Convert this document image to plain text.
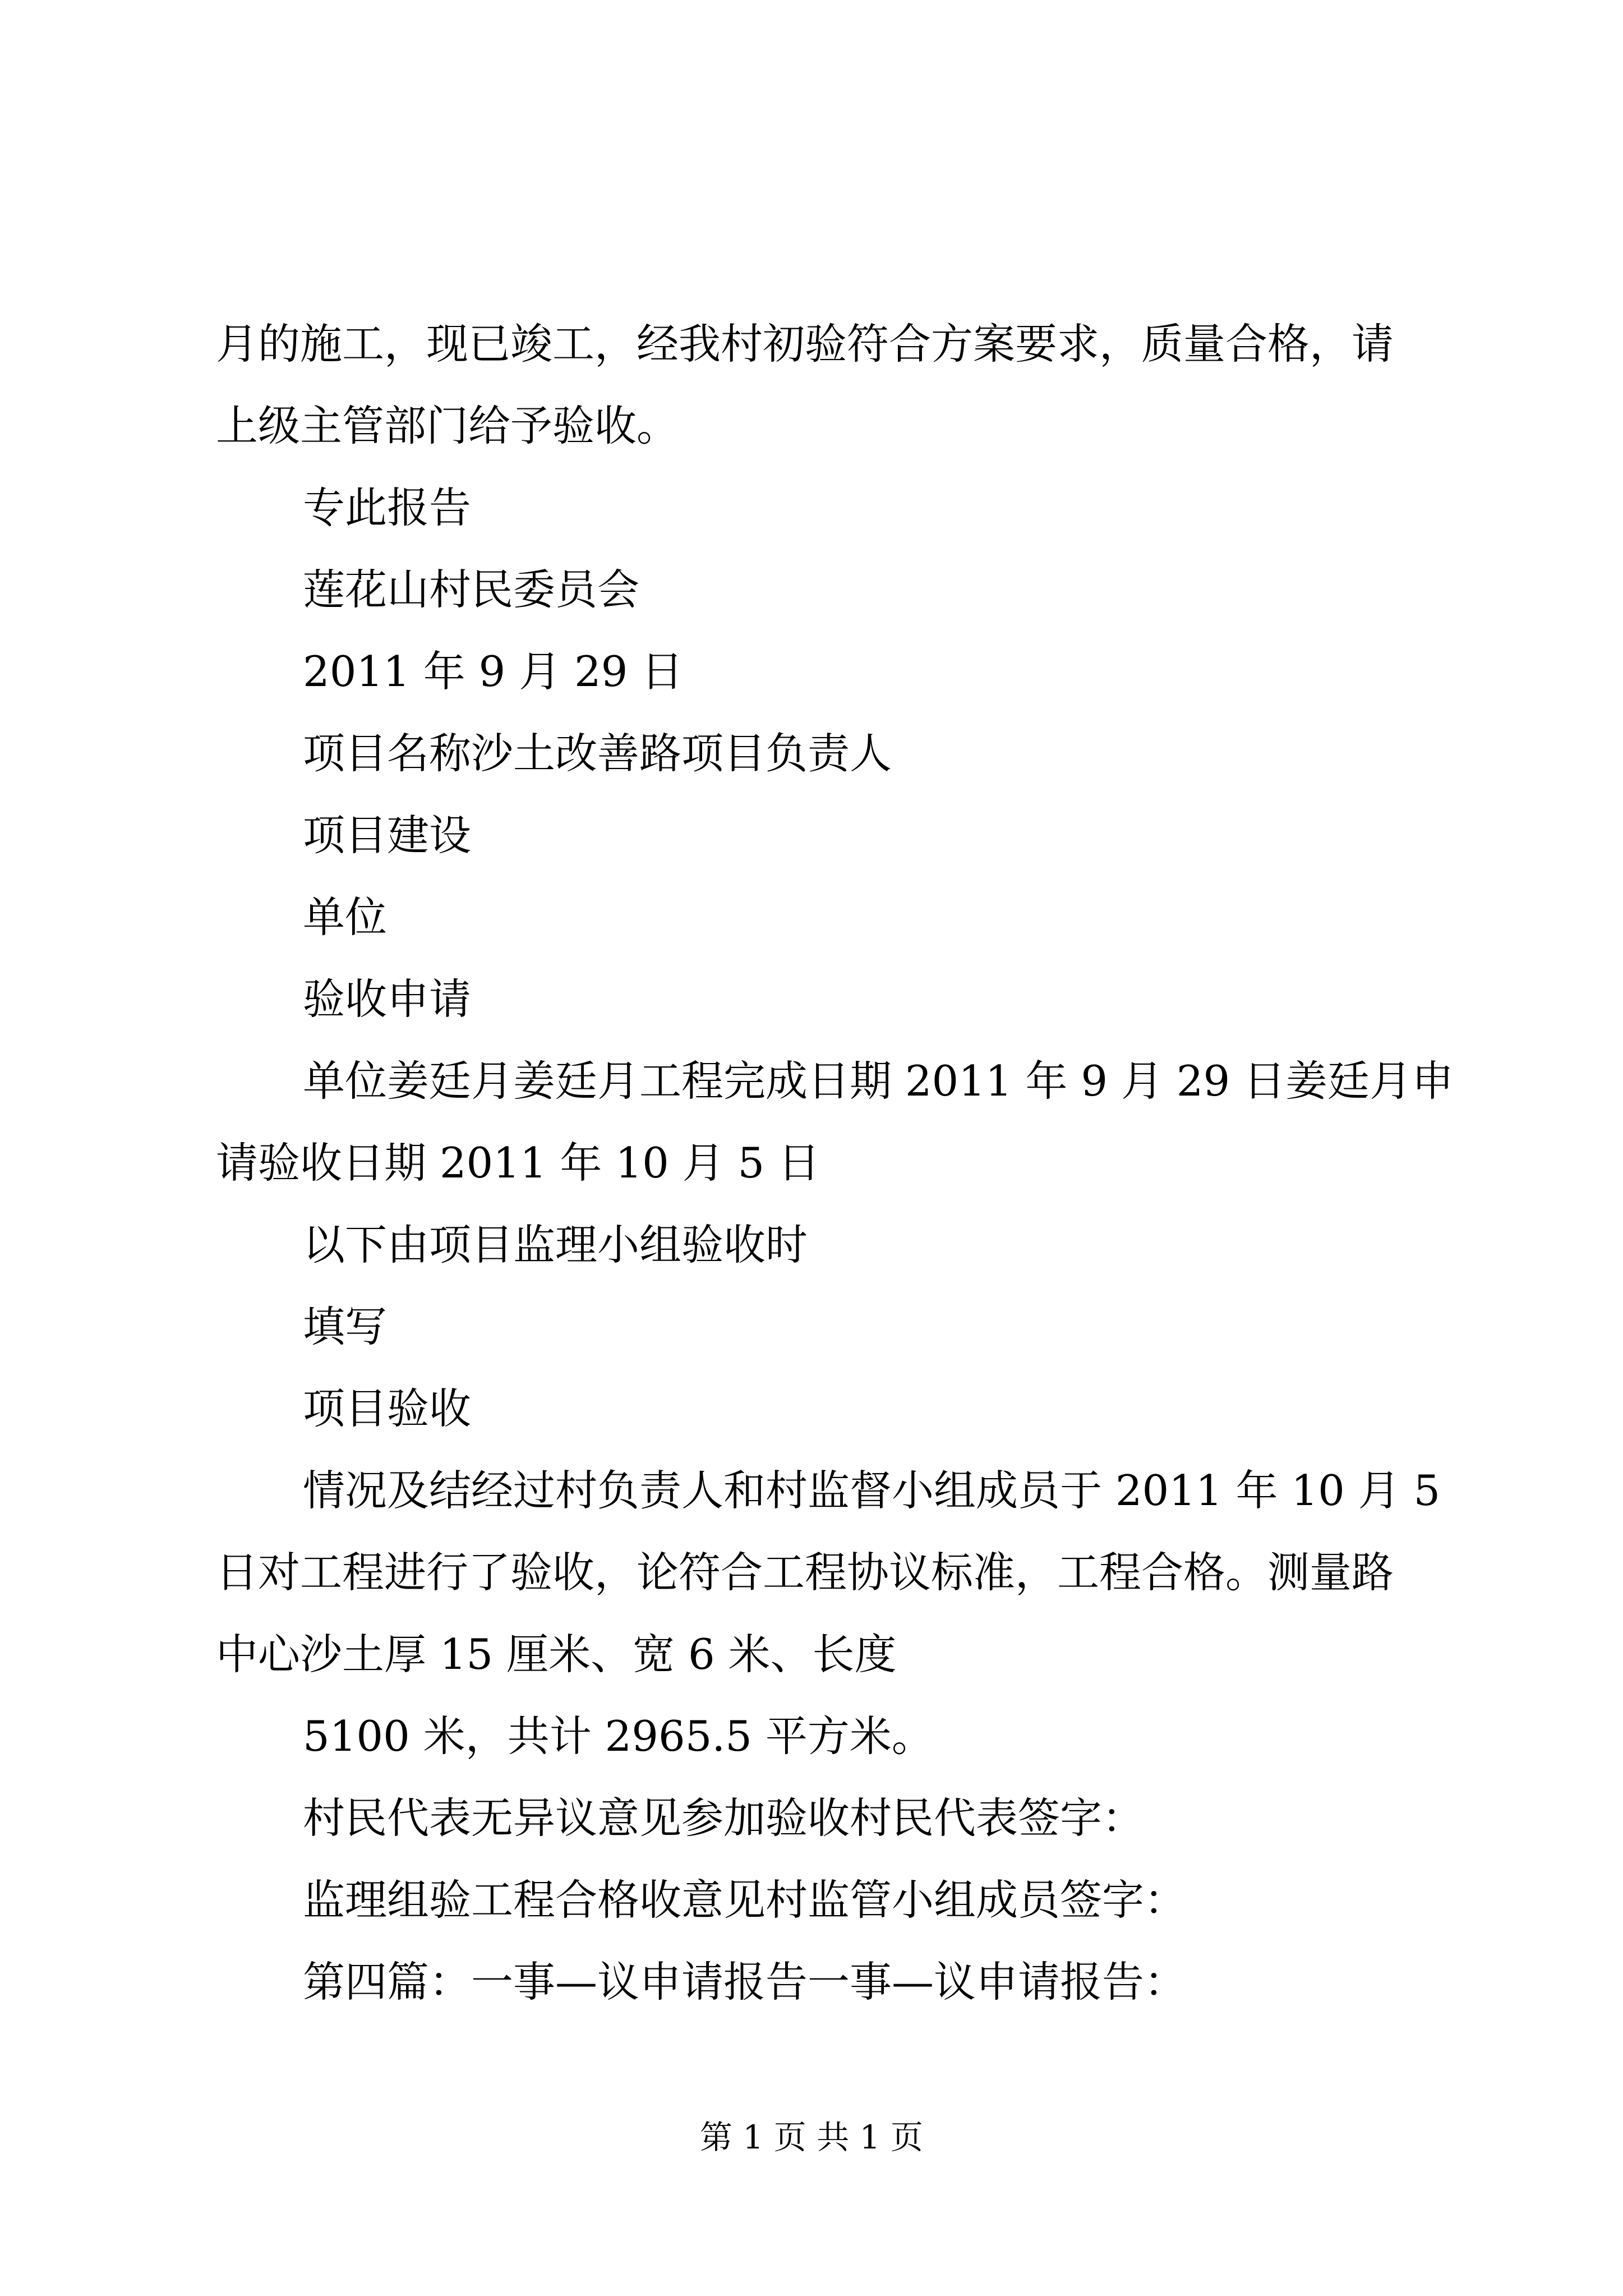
月的施工，现已竣工，经我村初验符合方案要求，质量合格，请

上级主管部门给予验收。

专此报告

莲花山村民委员会

2011 年 9 月 29 日

项目名称沙土改善路项目负责人

项目建设

单位

验收申请

单位姜廷月姜廷月工程完成日期 2011 年 9 月 29 日姜廷月申

请验收日期 2011 年 10 月 5 日

以下由项目监理小组验收时

填写

项目验收

情况及结经过村负责人和村监督小组成员于 2011 年 10 月 5

日对工程进行了验收，论符合工程协议标准，工程合格。测量路

中心沙土厚 15 厘米、宽 6 米、长度

5100 米，共计 2965.5 平方米。

村民代表无异议意见参加验收村民代表签字：

监理组验工程合格收意见村监管小组成员签字：

第四篇：一事—议申请报告一事—议申请报告：

第 1 页 共 1 页
